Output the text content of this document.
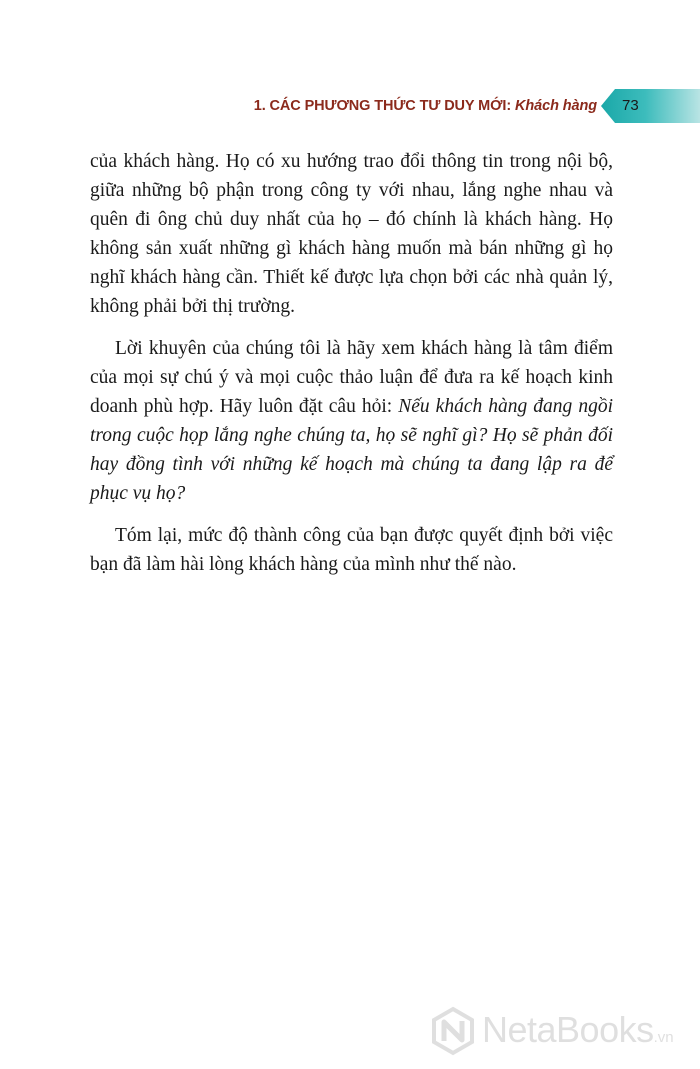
1. CÁC PHƯƠNG THỨC TƯ DUY MỚI: Khách hàng 73

của khách hàng. Họ có xu hướng trao đổi thông tin trong nội bộ, giữa những bộ phận trong công ty với nhau, lắng nghe nhau và quên đi ông chủ duy nhất của họ – đó chính là khách hàng. Họ không sản xuất những gì khách hàng muốn mà bán những gì họ nghĩ khách hàng cần. Thiết kế được lựa chọn bởi các nhà quản lý, không phải bởi thị trường.

Lời khuyên của chúng tôi là hãy xem khách hàng là tâm điểm của mọi sự chú ý và mọi cuộc thảo luận để đưa ra kế hoạch kinh doanh phù hợp. Hãy luôn đặt câu hỏi: Nếu khách hàng đang ngồi trong cuộc họp lắng nghe chúng ta, họ sẽ nghĩ gì? Họ sẽ phản đối hay đồng tình với những kế hoạch mà chúng ta đang lập ra để phục vụ họ?

Tóm lại, mức độ thành công của bạn được quyết định bởi việc bạn đã làm hài lòng khách hàng của mình như thế nào.

NetaBooks.vn
